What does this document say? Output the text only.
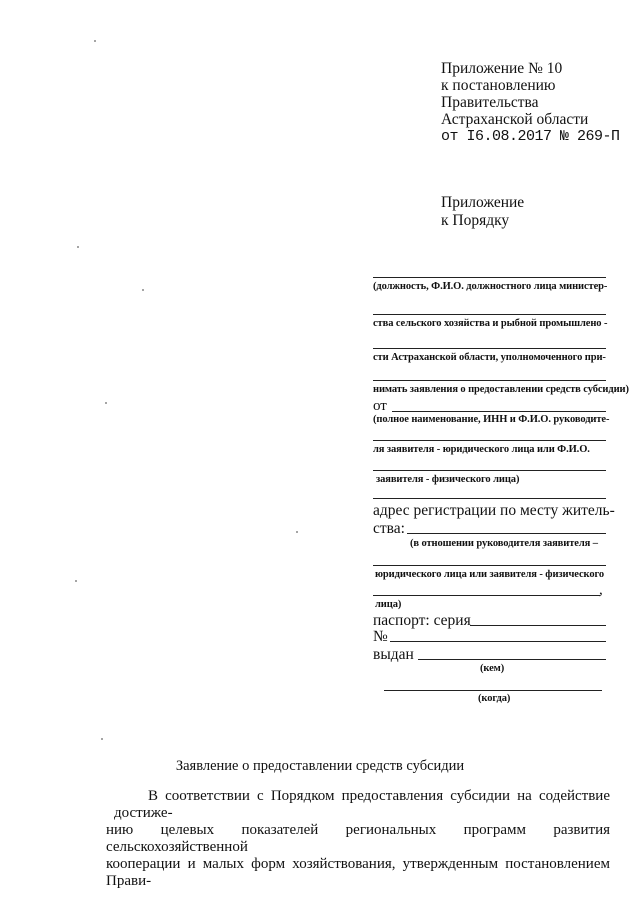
Приложение № 10
к постановлению
Правительства
Астраханской области
от I6.08.2017 № 269-П
Приложение
к Порядку
(должность, Ф.И.О. должностного лица министер-
ства сельского хозяйства и рыбной промышлено -
сти Астраханской области, уполномоченного при-
нимать заявления о предоставлении средств субсидии)
от
(полное наименование, ИНН и Ф.И.О. руководите-
ля заявителя - юридического лица или Ф.И.О.
заявителя - физического лица)
адрес регистрации по месту житель-
ства:
(в отношении руководителя заявителя –
юридического лица или заявителя - физического
,
лица)
паспорт: серия
№
выдан
(кем)
(когда)
Заявление о предоставлении средств субсидии
В соответствии с Порядком предоставления субсидии на содействие достиже-
нию целевых показателей региональных программ развития сельскохозяйственной
кооперации и малых форм хозяйствования, утвержденным постановлением Прави-
